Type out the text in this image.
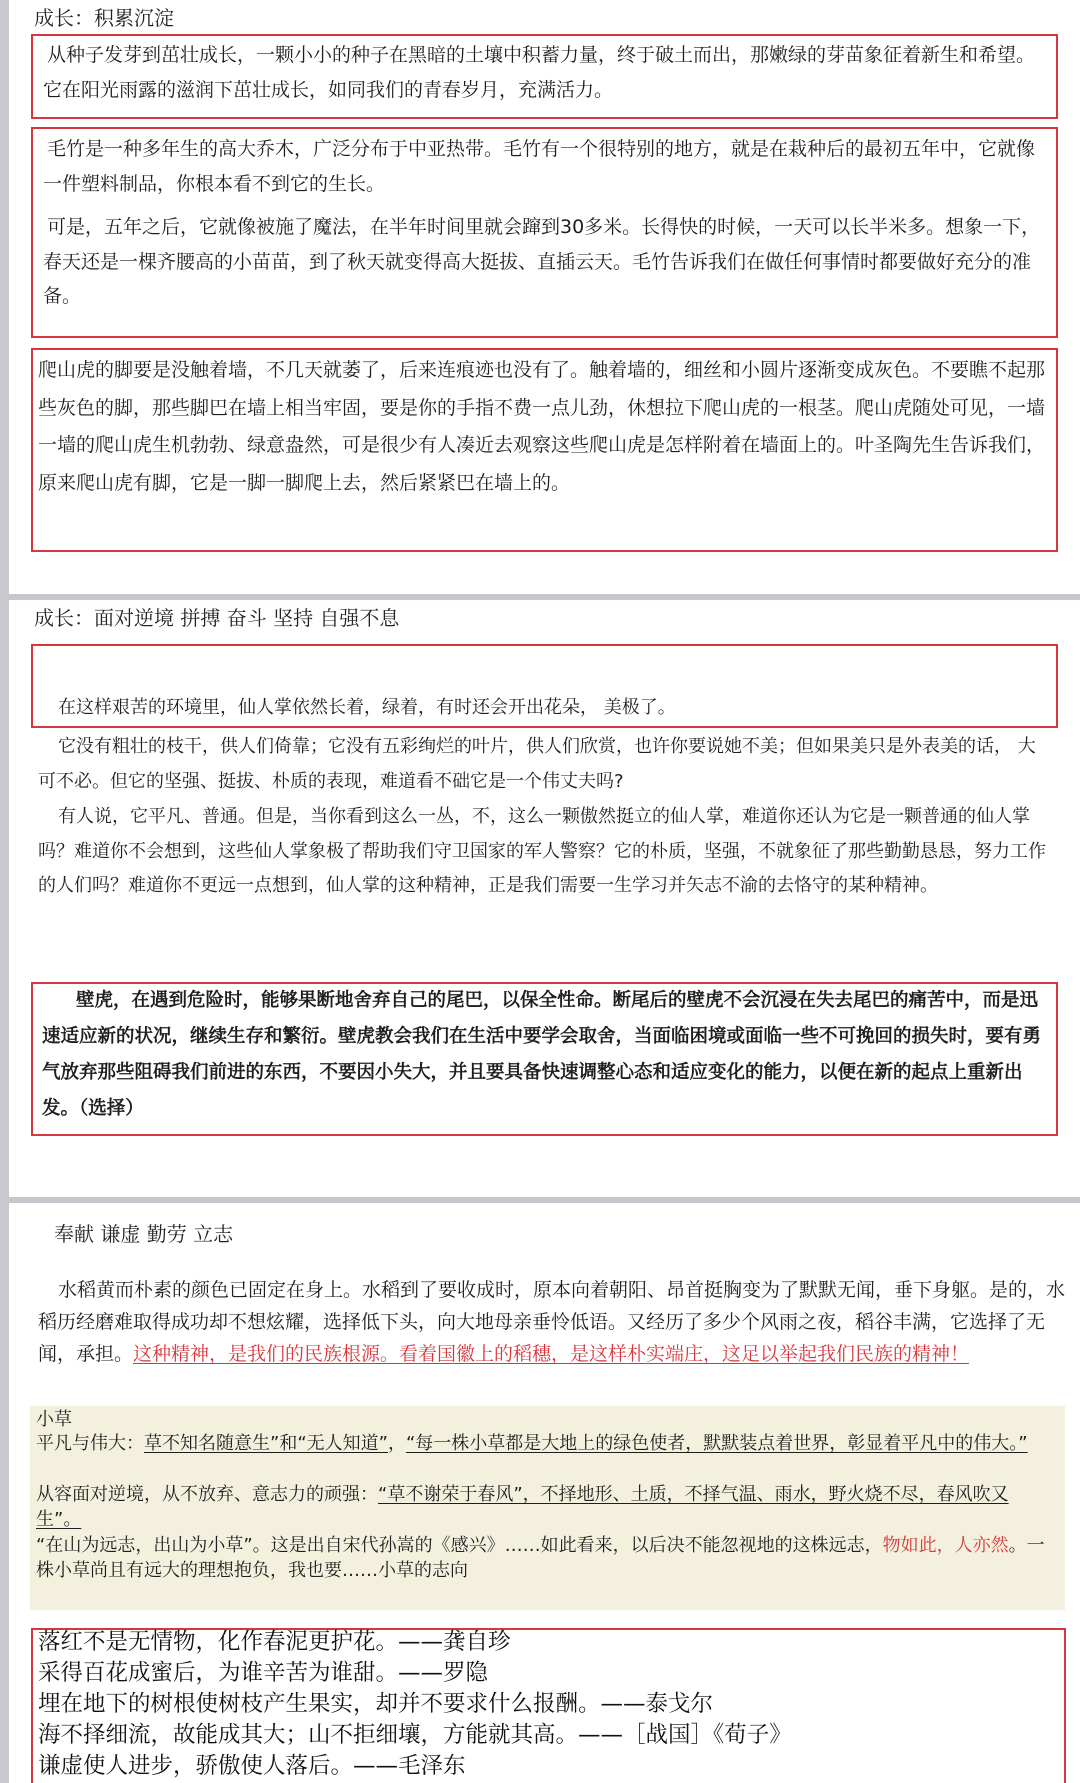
成长：积累沉淀
从种子发芽到茁壮成长，一颗小小的种子在黑暗的土壤中积蓄力量，终于破土而出，那嫩绿的芽苗象征着新生和希望。它在阳光雨露的滋润下茁壮成长，如同我们的青春岁月，充满活力。
毛竹是一种多年生的高大乔木，广泛分布于中亚热带。毛竹有一个很特别的地方，就是在栽种后的最初五年中，它就像一件塑料制品，你根本看不到它的生长。
可是，五年之后，它就像被施了魔法，在半年时间里就会蹿到30多米。长得快的时候，一天可以长半米多。想象一下，春天还是一棵齐腰高的小苗苗，到了秋天就变得高大挺拔、直插云天。毛竹告诉我们在做任何事情时都要做好充分的准备。
爬山虎的脚要是没触着墙，不几天就萎了，后来连痕迹也没有了。触着墙的，细丝和小圆片逐渐变成灰色。不要瞧不起那些灰色的脚，那些脚巴在墙上相当牢固，要是你的手指不费一点儿劲，休想拉下爬山虎的一根茎。爬山虎随处可见，一墙一墙的爬山虎生机勃勃、绿意盎然，可是很少有人凑近去观察这些爬山虎是怎样附着在墙面上的。叶圣陶先生告诉我们，原来爬山虎有脚，它是一脚一脚爬上去，然后紧紧巴在墙上的。
成长：面对逆境 拼搏 奋斗 坚持 自强不息
在这样艰苦的环境里，仙人掌依然长着，绿着，有时还会开出花朵， 美极了。
它没有粗壮的枝干，供人们倚靠；它没有五彩绚烂的叶片，供人们欣赏，也许你要说她不美；但如果美只是外表美的话， 大可不必。但它的坚强、挺拔、朴质的表现，难道看不础它是一个伟丈夫吗?
有人说，它平凡、普通。但是，当你看到这么一丛，不，这么一颗傲然挺立的仙人掌，难道你还认为它是一颗普通的仙人掌吗？难道你不会想到，这些仙人掌象极了帮助我们守卫国家的军人警察？它的朴质，坚强，不就象征了那些勤勤恳恳，努力工作的人们吗？难道你不更远一点想到，仙人掌的这种精神，正是我们需要一生学习并矢志不渝的去恪守的某种精神。
壁虎，在遇到危险时，能够果断地舍弃自己的尾巴，以保全性命。断尾后的壁虎不会沉浸在失去尾巴的痛苦中，而是迅速适应新的状况，继续生存和繁衍。壁虎教会我们在生活中要学会取舍，当面临困境或面临一些不可挽回的损失时，要有勇气放弃那些阻碍我们前进的东西，不要因小失大，并且要具备快速调整心态和适应变化的能力，以便在新的起点上重新出发。（选择）
奉献 谦虚 勤劳 立志
水稻黄而朴素的颜色已固定在身上。水稻到了要收成时，原本向着朝阳、昂首挺胸变为了默默无闻，垂下身躯。是的，水稻历经磨难取得成功却不想炫耀，选择低下头，向大地母亲垂怜低语。又经历了多少个风雨之夜，稻谷丰满，它选择了无闻，承担。这种精神，是我们的民族根源。看着国徽上的稻穗，是这样朴实端庄，这足以举起我们民族的精神！
小草
平凡与伟大：草不知名随意生”和“无人知道”，“每一株小草都是大地上的绿色使者，默默装点着世界，彰显着平凡中的伟大。”
从容面对逆境，从不放弃、意志力的顽强：“草不谢荣于春风”，不择地形、土质，不择气温、雨水，野火烧不尽，春风吹又生”。
“在山为远志，出山为小草”。这是出自宋代孙嵩的《感兴》……如此看来，以后决不能忽视地的这株远志，物如此，人亦然。一株小草尚且有远大的理想抱负，我也要……小草的志向
落红不是无情物，化作春泥更护花。——龚自珍
采得百花成蜜后，为谁辛苦为谁甜。——罗隐
埋在地下的树根使树枝产生果实，却并不要求什么报酬。——泰戈尔
海不择细流，故能成其大；山不拒细壤，方能就其高。——［战国］《荀子》
谦虚使人进步，骄傲使人落后。——毛泽东
